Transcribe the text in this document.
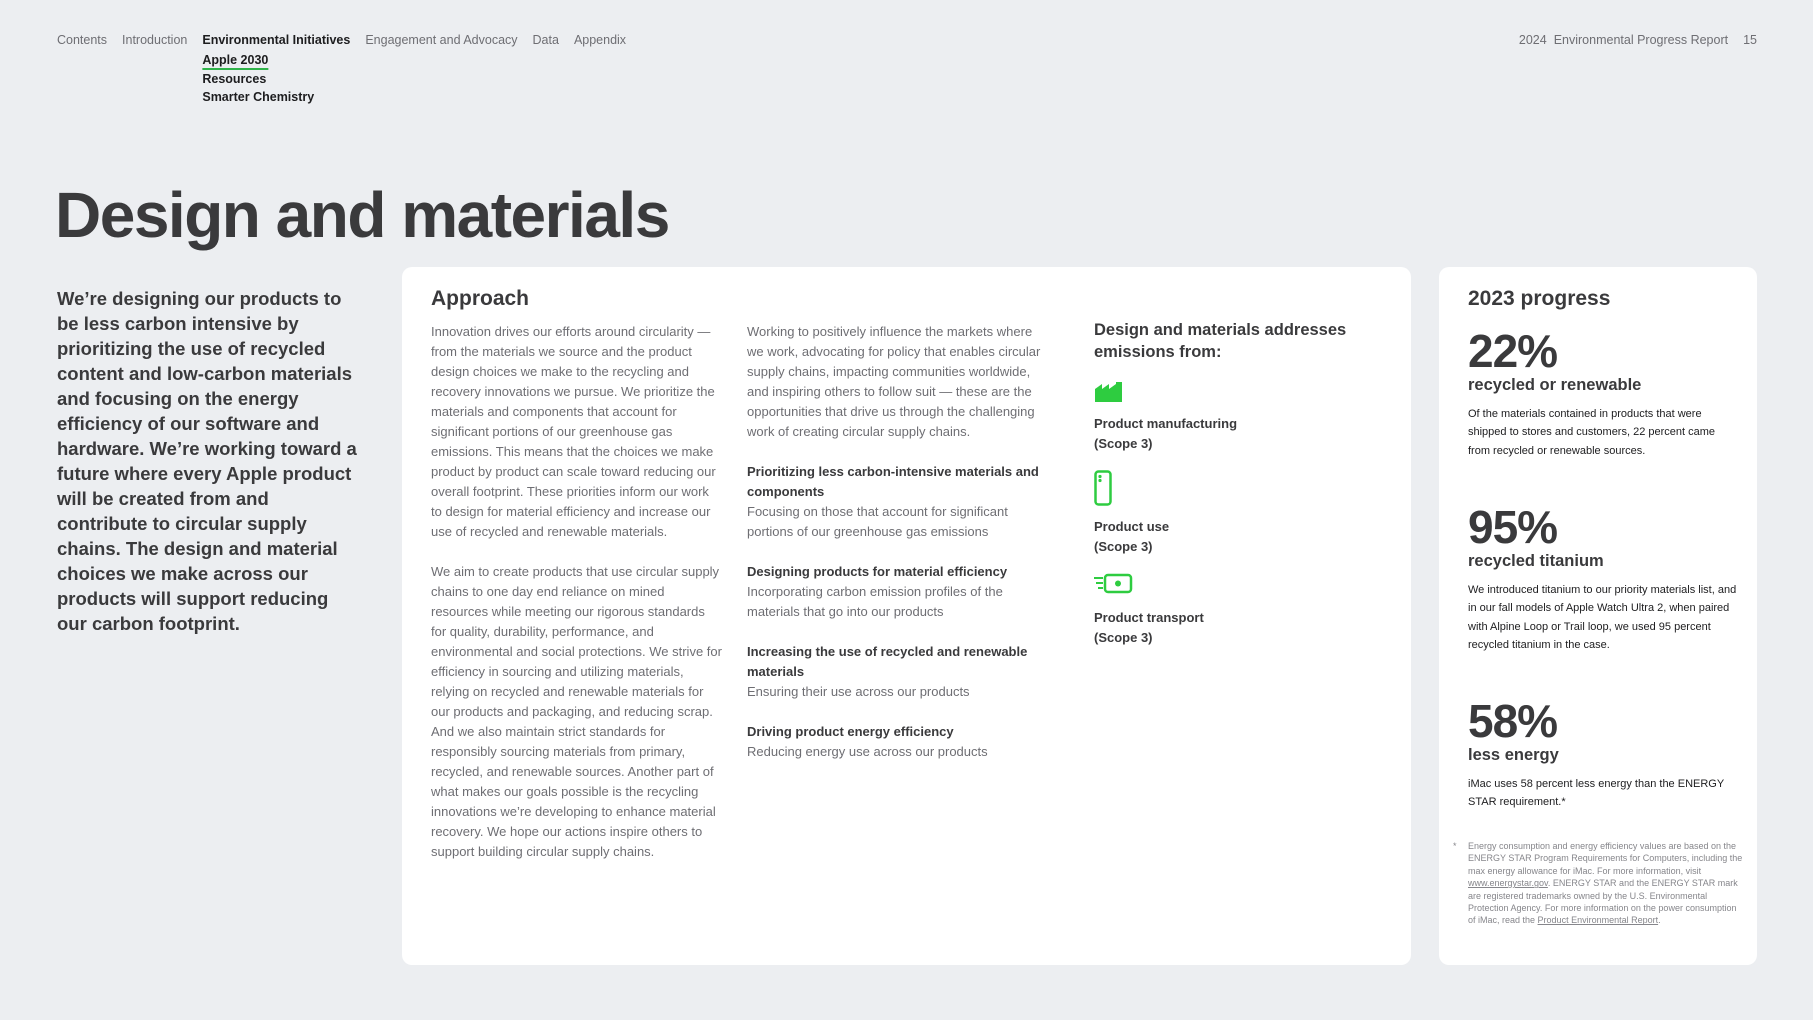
Contents Introduction Environmental Initiatives
Apple 2030
Resources
Smarter Chemistry
Engagement and Advocacy Data Appendix	2024 Environmental Progress Report 15
Design and materials

We’re designing our products to be less carbon intensive by prioritizing the use of recycled content and low-carbon materials and focusing on the energy efficiency of our software and hardware. We’re working toward a future where every Apple product will be created from and contribute to circular supply chains. The design and material choices we make across our products will support reducing our carbon footprint.

Approach

Innovation drives our efforts around circularity — from the materials we source and the product design choices we make to the recycling and recovery innovations we pursue. We prioritize the materials and components that account for significant portions of our greenhouse gas emissions. This means that the choices we make product by product can scale toward reducing our overall footprint. These priorities inform our work to design for material efficiency and increase our use of recycled and renewable materials.

We aim to create products that use circular supply chains to one day end reliance on mined resources while meeting our rigorous standards for quality, durability, performance, and environmental and social protections. We strive for efficiency in sourcing and utilizing materials, relying on recycled and renewable materials for our products and packaging, and reducing scrap. And we also maintain strict standards for responsibly sourcing materials from primary, recycled, and renewable sources. Another part of what makes our goals possible is the recycling innovations we’re developing to enhance material recovery. We hope our actions inspire others to support building circular supply chains.

Working to positively influence the markets where we work, advocating for policy that enables circular supply chains, impacting communities worldwide, and inspiring others to follow suit — these are the opportunities that drive us through the challenging work of creating circular supply chains.

Prioritizing less carbon-intensive materials and components
Focusing on those that account for significant portions of our greenhouse gas emissions
Designing products for material efficiency
Incorporating carbon emission profiles of the materials that go into our products
Increasing the use of recycled and renewable materials
Ensuring their use across our products
Driving product energy efficiency
Reducing energy use across our products
Design and materials addresses emissions from:
Product manufacturing
(Scope 3)
Product use
(Scope 3)
Product transport
(Scope 3)
2023 progress
22%
recycled or renewable
Of the materials contained in products that were shipped to stores and customers, 22 percent came from recycled or renewable sources.
95%
recycled titanium
We introduced titanium to our priority materials list, and in our fall models of Apple Watch Ultra 2, when paired with Alpine Loop or Trail loop, we used 95 percent recycled titanium in the case.
58%
less energy
iMac uses 58 percent less energy than the ENERGY STAR requirement.*
*	Energy consumption and energy efficiency values are based on the ENERGY STAR Program Requirements for Computers, including the max energy allowance for iMac. For more information, visit www.energystar.gov. ENERGY STAR and the ENERGY STAR mark are registered trademarks owned by the U.S. Environmental Protection Agency. For more information on the power consumption of iMac, read the Product Environmental Report.
